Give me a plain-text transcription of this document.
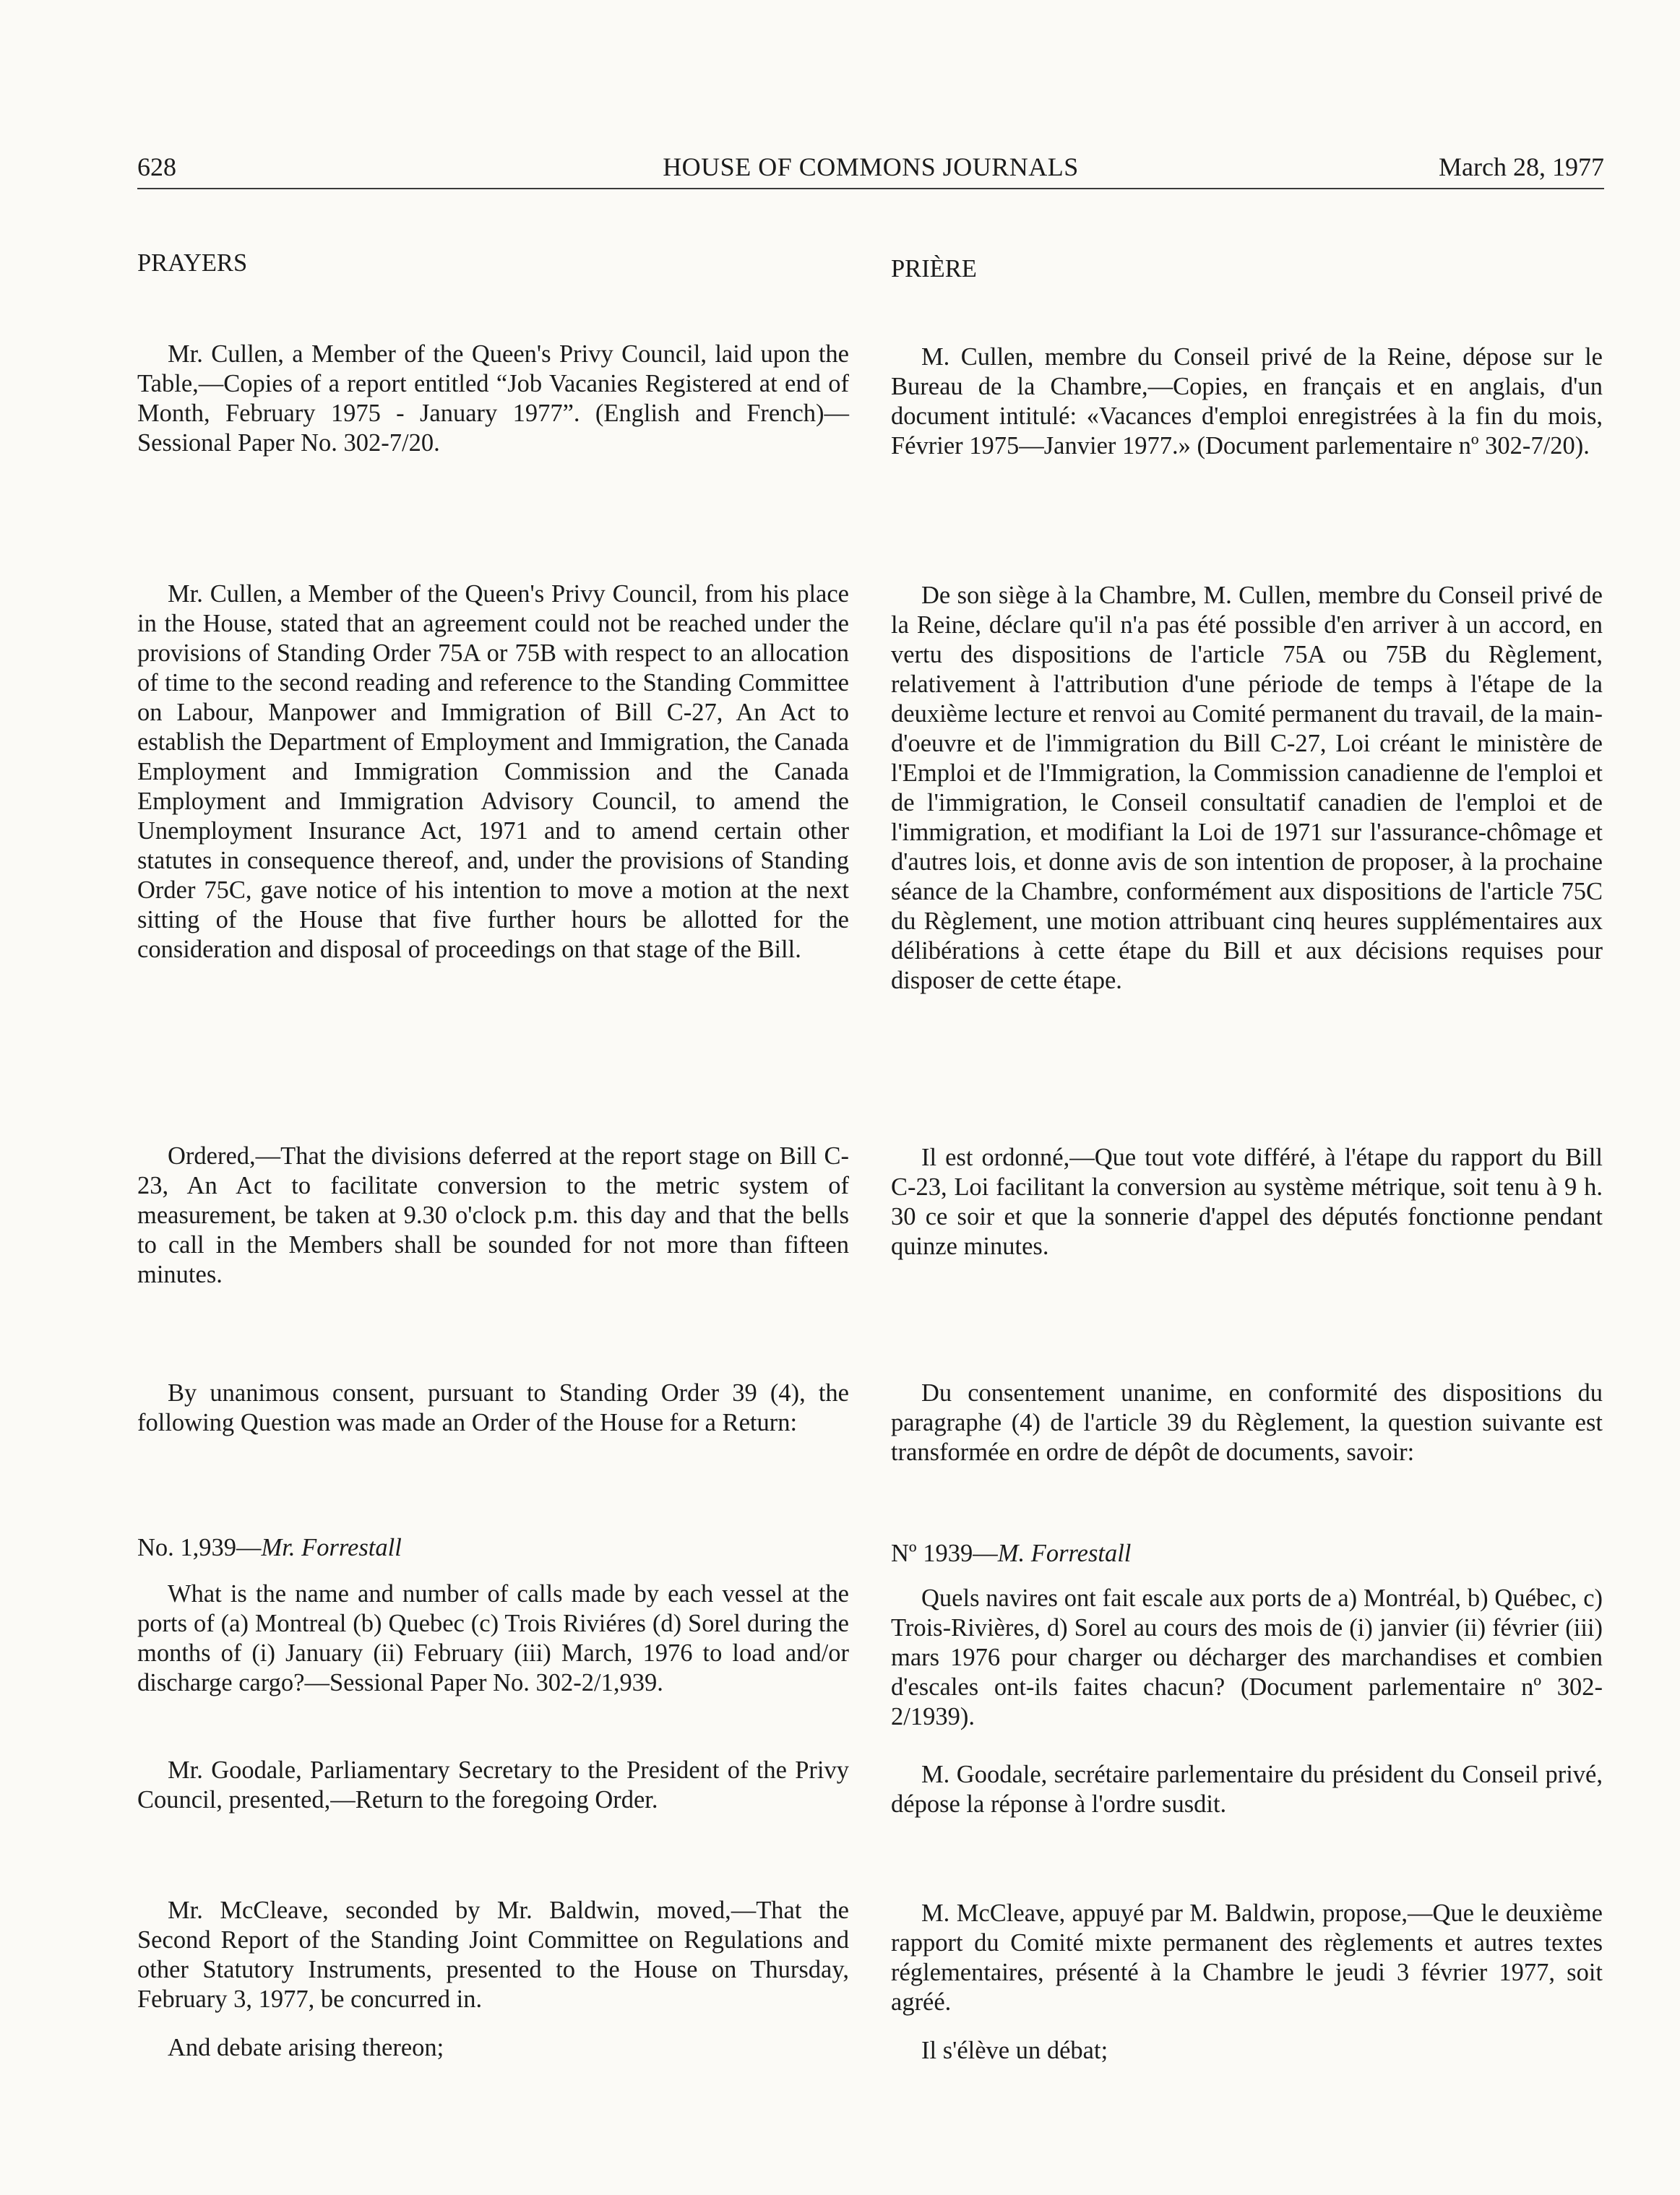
628	HOUSE OF COMMONS JOURNALS	March 28, 1977

PRAYERS

Mr. Cullen, a Member of the Queen's Privy Council, laid upon the Table,—Copies of a report entitled “Job Vacanies Registered at end of Month, February 1975 - January 1977”. (English and French)—Sessional Paper No. 302-7/20.

Mr. Cullen, a Member of the Queen's Privy Council, from his place in the House, stated that an agreement could not be reached under the provisions of Standing Order 75A or 75B with respect to an allocation of time to the second reading and reference to the Standing Committee on Labour, Manpower and Immigration of Bill C-27, An Act to establish the Department of Employment and Immigration, the Canada Employment and Immigration Commission and the Canada Employment and Immigration Advisory Council, to amend the Unemployment Insurance Act, 1971 and to amend certain other statutes in consequence thereof, and, under the provisions of Standing Order 75C, gave notice of his intention to move a motion at the next sitting of the House that five further hours be allotted for the consideration and disposal of proceedings on that stage of the Bill.

Ordered,—That the divisions deferred at the report stage on Bill C-23, An Act to facilitate conversion to the metric system of measurement, be taken at 9.30 o'clock p.m. this day and that the bells to call in the Members shall be sounded for not more than fifteen minutes.

By unanimous consent, pursuant to Standing Order 39 (4), the following Question was made an Order of the House for a Return:

No. 1,939—Mr. Forrestall

What is the name and number of calls made by each vessel at the ports of (a) Montreal (b) Quebec (c) Trois Riviéres (d) Sorel during the months of (i) January (ii) February (iii) March, 1976 to load and/or discharge cargo?—Sessional Paper No. 302-2/1,939.

Mr. Goodale, Parliamentary Secretary to the President of the Privy Council, presented,—Return to the foregoing Order.

Mr. McCleave, seconded by Mr. Baldwin, moved,—That the Second Report of the Standing Joint Committee on Regulations and other Statutory Instruments, presented to the House on Thursday, February 3, 1977, be concurred in.

And debate arising thereon;

PRIÈRE

M. Cullen, membre du Conseil privé de la Reine, dépose sur le Bureau de la Chambre,—Copies, en français et en anglais, d'un document intitulé: «Vacances d'emploi enregistrées à la fin du mois, Février 1975—Janvier 1977.» (Document parlementaire nº 302-7/20).

De son siège à la Chambre, M. Cullen, membre du Conseil privé de la Reine, déclare qu'il n'a pas été possible d'en arriver à un accord, en vertu des dispositions de l'article 75A ou 75B du Règlement, relativement à l'attribution d'une période de temps à l'étape de la deuxième lecture et renvoi au Comité permanent du travail, de la main-d'oeuvre et de l'immigration du Bill C-27, Loi créant le ministère de l'Emploi et de l'Immigration, la Commission canadienne de l'emploi et de l'immigration, le Conseil consultatif canadien de l'emploi et de l'immigration, et modifiant la Loi de 1971 sur l'assurance-chômage et d'autres lois, et donne avis de son intention de proposer, à la prochaine séance de la Chambre, conformément aux dispositions de l'article 75C du Règlement, une motion attribuant cinq heures supplémentaires aux délibérations à cette étape du Bill et aux décisions requises pour disposer de cette étape.

Il est ordonné,—Que tout vote différé, à l'étape du rapport du Bill C-23, Loi facilitant la conversion au système métrique, soit tenu à 9 h. 30 ce soir et que la sonnerie d'appel des députés fonctionne pendant quinze minutes.

Du consentement unanime, en conformité des dispositions du paragraphe (4) de l'article 39 du Règlement, la question suivante est transformée en ordre de dépôt de documents, savoir:

Nº 1939—M. Forrestall

Quels navires ont fait escale aux ports de a) Montréal, b) Québec, c) Trois-Rivières, d) Sorel au cours des mois de (i) janvier (ii) février (iii) mars 1976 pour charger ou décharger des marchandises et combien d'escales ont-ils faites chacun? (Document parlementaire nº 302-2/1939).

M. Goodale, secrétaire parlementaire du président du Conseil privé, dépose la réponse à l'ordre susdit.

M. McCleave, appuyé par M. Baldwin, propose,—Que le deuxième rapport du Comité mixte permanent des règlements et autres textes réglementaires, présenté à la Chambre le jeudi 3 février 1977, soit agréé.

Il s'élève un débat;
